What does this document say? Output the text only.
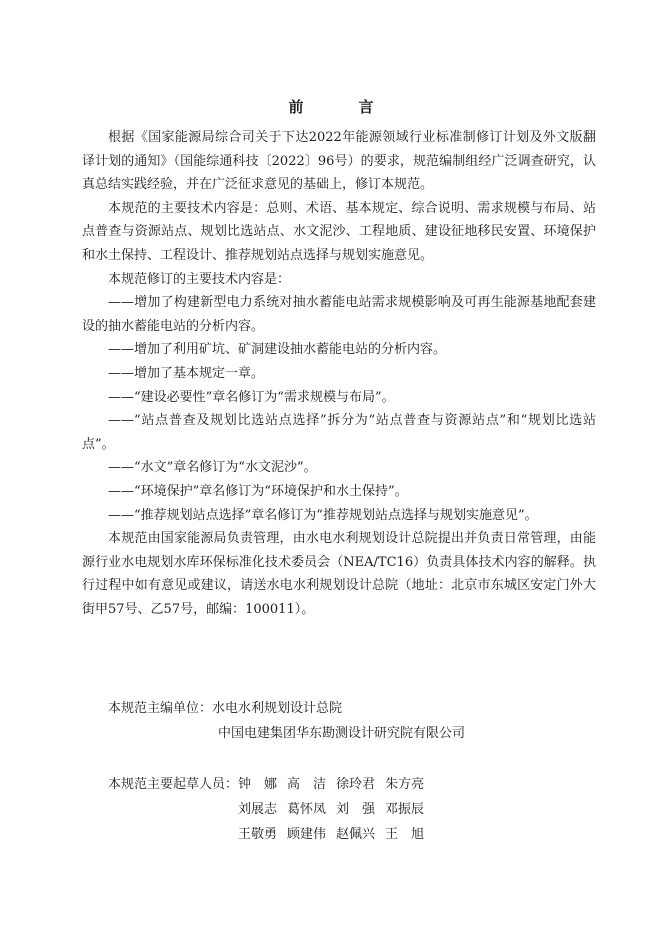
前　言

根据《国家能源局综合司关于下达2022年能源领域行业标准制修订计划及外文版翻译计划的通知》（国能综通科技〔2022〕96号）的要求，规范编制组经广泛调查研究，认真总结实践经验，并在广泛征求意见的基础上，修订本规范。

本规范的主要技术内容是：总则、术语、基本规定、综合说明、需求规模与布局、站点普查与资源站点、规划比选站点、水文泥沙、工程地质、建设征地移民安置、环境保护和水土保持、工程设计、推荐规划站点选择与规划实施意见。

本规范修订的主要技术内容是：

——增加了构建新型电力系统对抽水蓄能电站需求规模影响及可再生能源基地配套建设的抽水蓄能电站的分析内容。

——增加了利用矿坑、矿洞建设抽水蓄能电站的分析内容。

——增加了基本规定一章。

——“建设必要性”章名修订为“需求规模与布局”。

——“站点普查及规划比选站点选择”拆分为“站点普查与资源站点”和“规划比选站点”。

——“水文”章名修订为“水文泥沙”。

——“环境保护”章名修订为“环境保护和水土保持”。

——“推荐规划站点选择”章名修订为“推荐规划站点选择与规划实施意见”。

本规范由国家能源局负责管理，由水电水利规划设计总院提出并负责日常管理，由能源行业水电规划水库环保标准化技术委员会（NEA/TC16）负责具体技术内容的解释。执行过程中如有意见或建议，请送水电水利规划设计总院（地址：北京市东城区安定门外大街甲57号、乙57号，邮编：100011）。

本规范主编单位：水电水利规划设计总院
中国电建集团华东勘测设计研究院有限公司
本规范主要起草人员：钟　娜 高　洁 徐玲君 朱方亮
刘展志 葛怀凤 刘　强 邓振辰
王敬勇 顾建伟 赵佩兴 王　旭
